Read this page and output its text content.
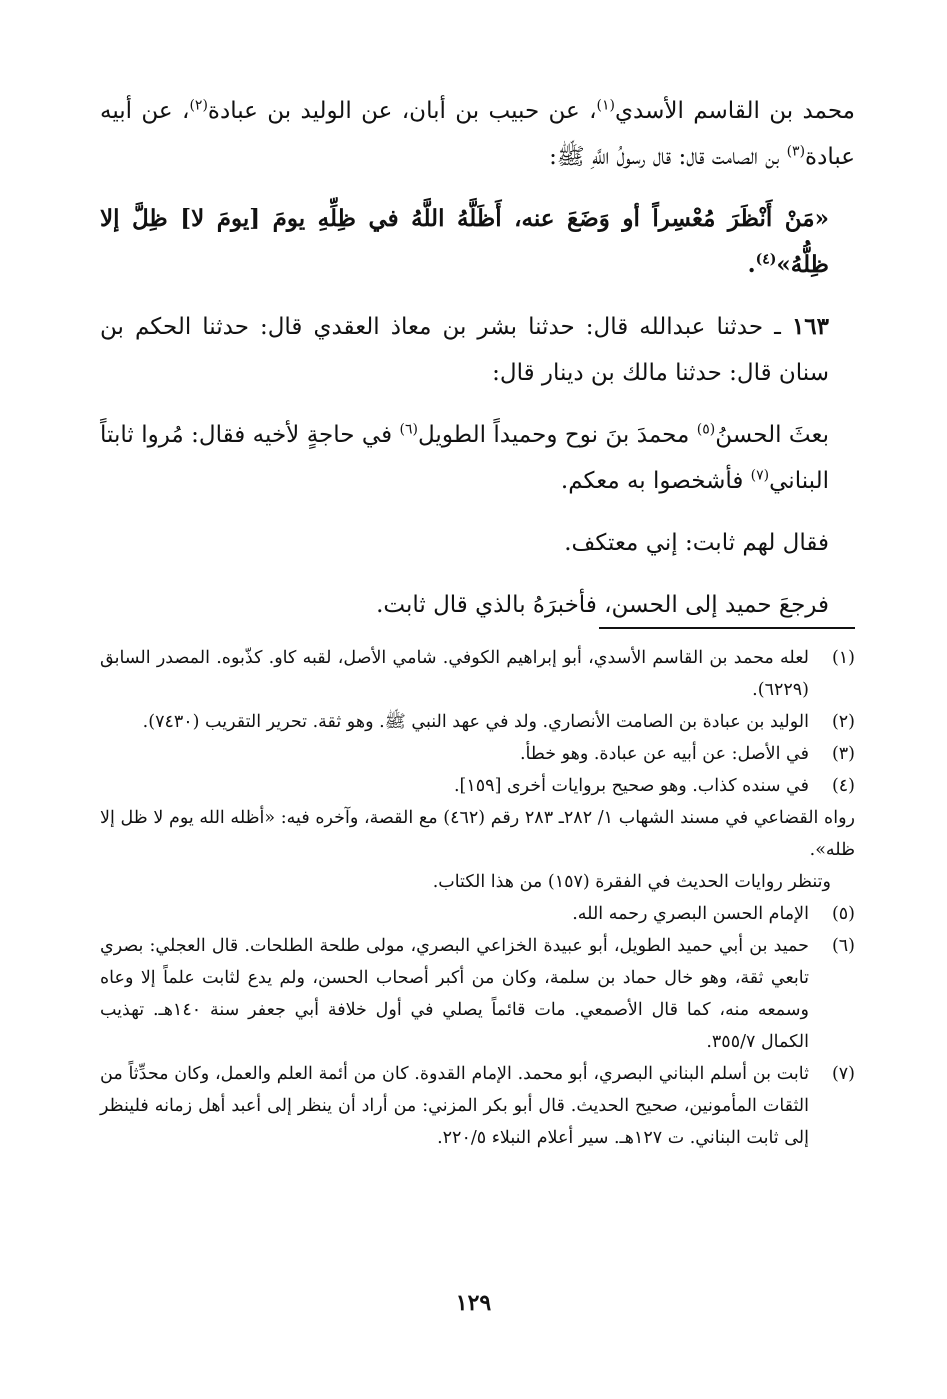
محمد بن القاسم الأسدي$^{(١)}$، عن حبيب بن أبان، عن الوليد بن عبادة$^{(٢)}$، عن أبيه عبادة$^{(٣)}$ بن الصامت قال: قال رسولُ اللَّهِ ﷺ:

«مَنْ أَنْظَرَ مُعْسِراً أو وَضَعَ عنه، أَظَلَّهُ اللَّهُ في ظِلِّهِ يومَ [يومَ لا] ظِلَّ إلا ظِلُّهُ»$^{(٤)}$.

١٦٣ ـ حدثنا عبدالله قال: حدثنا بشر بن معاذ العقدي قال: حدثنا الحكم بن سنان قال: حدثنا مالك بن دينار قال:

بعثَ الحسنُ$^{(٥)}$ محمدَ بنَ نوح وحميداً الطويل$^{(٦)}$ في حاجةٍ لأخيه فقال: مُروا ثابتاً البناني$^{(٧)}$ فأشخصوا به معكم.

فقال لهم ثابت: إني معتكف.

فرجعَ حميد إلى الحسن، فأخبرَهُ بالذي قال ثابت.

(١)
لعله محمد بن القاسم الأسدي، أبو إبراهيم الكوفي. شامي الأصل، لقبه كاو. كذّبوه. المصدر السابق (٦٢٢٩).
(٢)
الوليد بن عبادة بن الصامت الأنصاري. ولد في عهد النبي ﷺ. وهو ثقة. تحرير التقريب (٧٤٣٠).
(٣)
في الأصل: عن أبيه عن عبادة. وهو خطأ.
(٤)
في سنده كذاب. وهو صحيح بروايات أخرى [١٥٩].

رواه القضاعي في مسند الشهاب ١/ ٢٨٢ـ ٢٨٣ رقم (٤٦٢) مع القصة، وآخره فيه: «أظله الله يوم لا ظل إلا ظله».

وتنظر روايات الحديث في الفقرة (١٥٧) من هذا الكتاب.

(٥)
الإمام الحسن البصري رحمه الله.
(٦)
حميد بن أبي حميد الطويل، أبو عبيدة الخزاعي البصري، مولى طلحة الطلحات. قال العجلي: بصري تابعي ثقة، وهو خال حماد بن سلمة، وكان من أكبر أصحاب الحسن، ولم يدع لثابت علماً إلا وعاه وسمعه منه، كما قال الأصمعي. مات قائماً يصلي في أول خلافة أبي جعفر سنة ١٤٠هـ. تهذيب الكمال ٣٥٥/٧.
(٧)
ثابت بن أسلم البناني البصري، أبو محمد. الإمام القدوة. كان من أئمة العلم والعمل، وكان محدِّثاً من الثقات المأمونين، صحيح الحديث. قال أبو بكر المزني: من أراد أن ينظر إلى أعبد أهل زمانه فلينظر إلى ثابت البناني. ت ١٢٧هـ. سير أعلام النبلاء ٢٢٠/٥.
١٢٩
